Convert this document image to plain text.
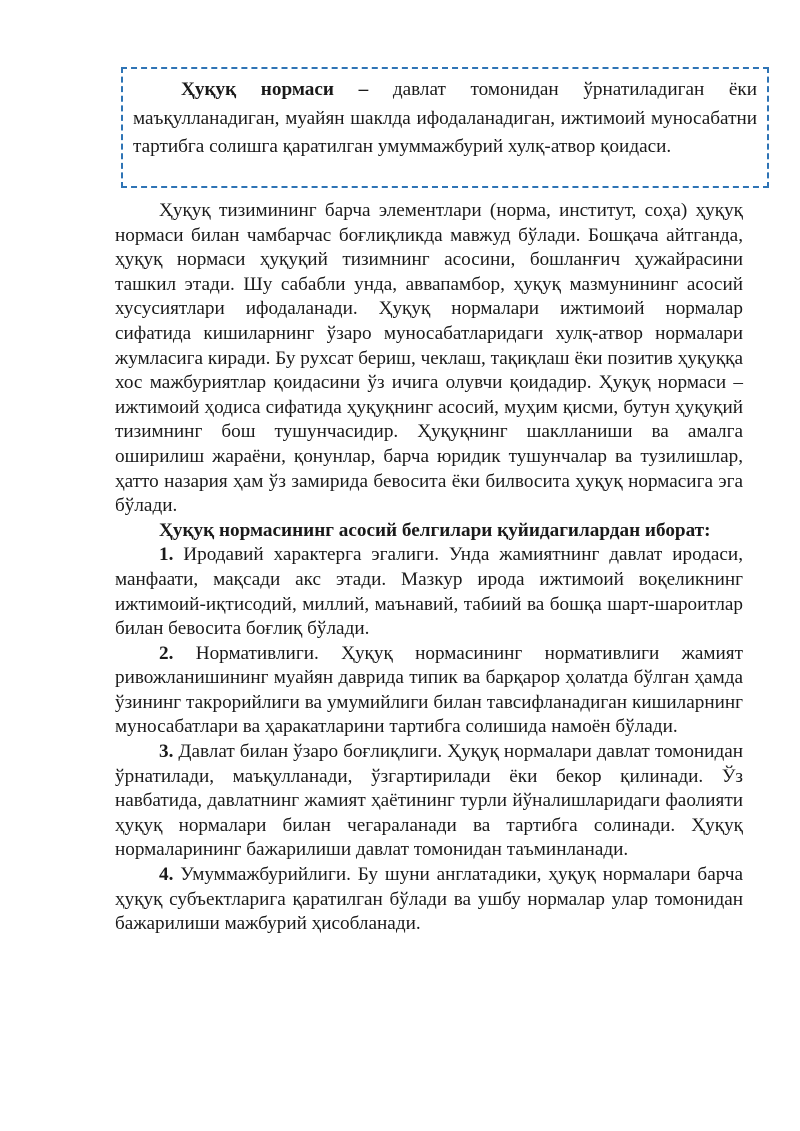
Ҳуқуқ нормаси – давлат томонидан ўрнатиладиган ёки маъқулланадиган, муайян шаклда ифодаланадиган, ижтимоий муносабатни тартибга солишга қаратилган умуммажбурий хулқ-атвор қоидаси.

Ҳуқуқ тизимининг барча элементлари (норма, институт, соҳа) ҳуқуқ нормаси билан чамбарчас боғлиқликда мавжуд бўлади. Бошқача айтганда, ҳуқуқ нормаси ҳуқуқий тизимнинг асосини, бошланғич ҳужайрасини ташкил этади. Шу сабабли унда, аввапамбор, ҳуқуқ мазмунининг асосий хусусиятлари ифодаланади. Ҳуқуқ нормалари ижтимоий нормалар сифатида кишиларнинг ўзаро муносабатларидаги хулқ-атвор нормалари жумласига киради. Бу рухсат бериш, чеклаш, тақиқлаш ёки позитив ҳуқуққа хос мажбуриятлар қоидасини ўз ичига олувчи қоидадир. Ҳуқуқ нормаси – ижтимоий ҳодиса сифатида ҳуқуқнинг асосий, муҳим қисми, бутун ҳуқуқий тизимнинг бош тушунчасидир. Ҳуқуқнинг шаклланиши ва амалга оширилиш жараёни, қонунлар, барча юридик тушунчалар ва тузилишлар, ҳатто назария ҳам ўз замирида бевосита ёки билвосита ҳуқуқ нормасига эга бўлади.

Ҳуқуқ нормасининг асосий белгилари қуйидагилардан иборат:

1. Иродавий характерга эгалиги. Унда жамиятнинг давлат иродаси, манфаати, мақсади акс этади. Мазкур ирода ижтимоий воқеликнинг ижтимоий-иқтисодий, миллий, маънавий, табиий ва бошқа шарт-шароитлар билан бевосита боғлиқ бўлади.

2. Нормативлиги. Ҳуқуқ нормасининг нормативлиги жамият ривожланишининг муайян даврида типик ва барқарор ҳолатда бўлган ҳамда ўзининг такрорийлиги ва умумийлиги билан тавсифланадиган кишиларнинг муносабатлари ва ҳаракатларини тартибга солишида намоён бўлади.

3. Давлат билан ўзаро боғлиқлиги. Ҳуқуқ нормалари давлат томонидан ўрнатилади, маъқулланади, ўзгартирилади ёки бекор қилинади. Ўз навбатида, давлатнинг жамият ҳаётининг турли йўналишларидаги фаолияти ҳуқуқ нормалари билан чегараланади ва тартибга солинади. Ҳуқуқ нормаларининг бажарилиши давлат томонидан таъминланади.

4. Умуммажбурийлиги. Бу шуни англатадики, ҳуқуқ нормалари барча ҳуқуқ субъектларига қаратилган бўлади ва ушбу нормалар улар томонидан бажарилиши мажбурий ҳисобланади.
